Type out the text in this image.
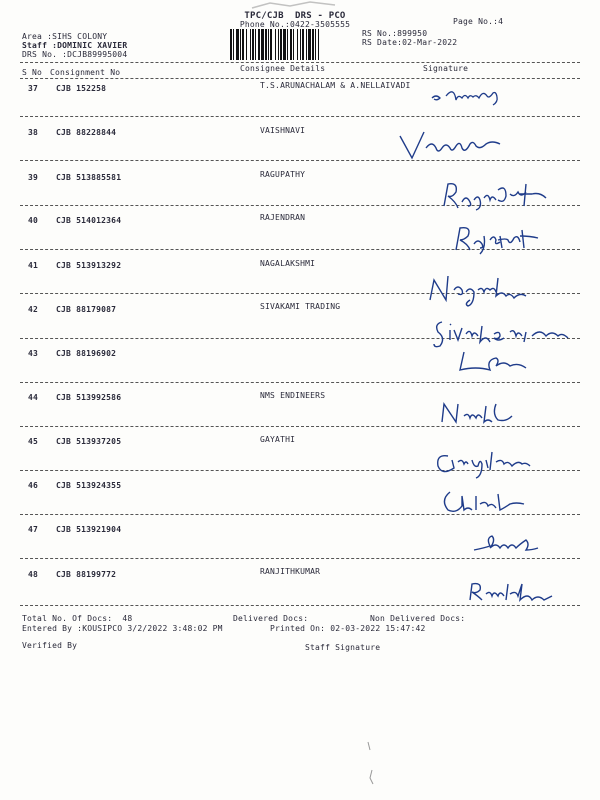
TPC/CJB  DRS - PCO
Phone No.:0422-3505555	Page No.:4
Area :SIHS COLONY
Staff :DOMINIC XAVIER
DRS No. :DCJB89995004
RS No.:899950
RS Date:02-Mar-2022
S No Consignment No	Consignee Details	Signature
37 CJB 152258	T.S.ARUNACHALAM & A.NELLAIVADI
38 CJB 88228844	VAISHNAVI
39 CJB 513885581	RAGUPATHY
40 CJB 514012364	RAJENDRAN
41 CJB 513913292	NAGALAKSHMI
42 CJB 88179087	SIVAKAMI TRADING
43 CJB 88196902
44 CJB 513992586	NMS ENDINEERS
45 CJB 513937205	GAYATHI
46 CJB 513924355
47 CJB 513921904
48 CJB 88199772	RANJITHKUMAR
Total No. Of Docs:  48	Delivered Docs:	Non Delivered Docs:
Entered By :KOUSIPCO 3/2/2022 3:48:02 PM	Printed On: 02-03-2022 15:47:42
Verified By	Staff Signature
